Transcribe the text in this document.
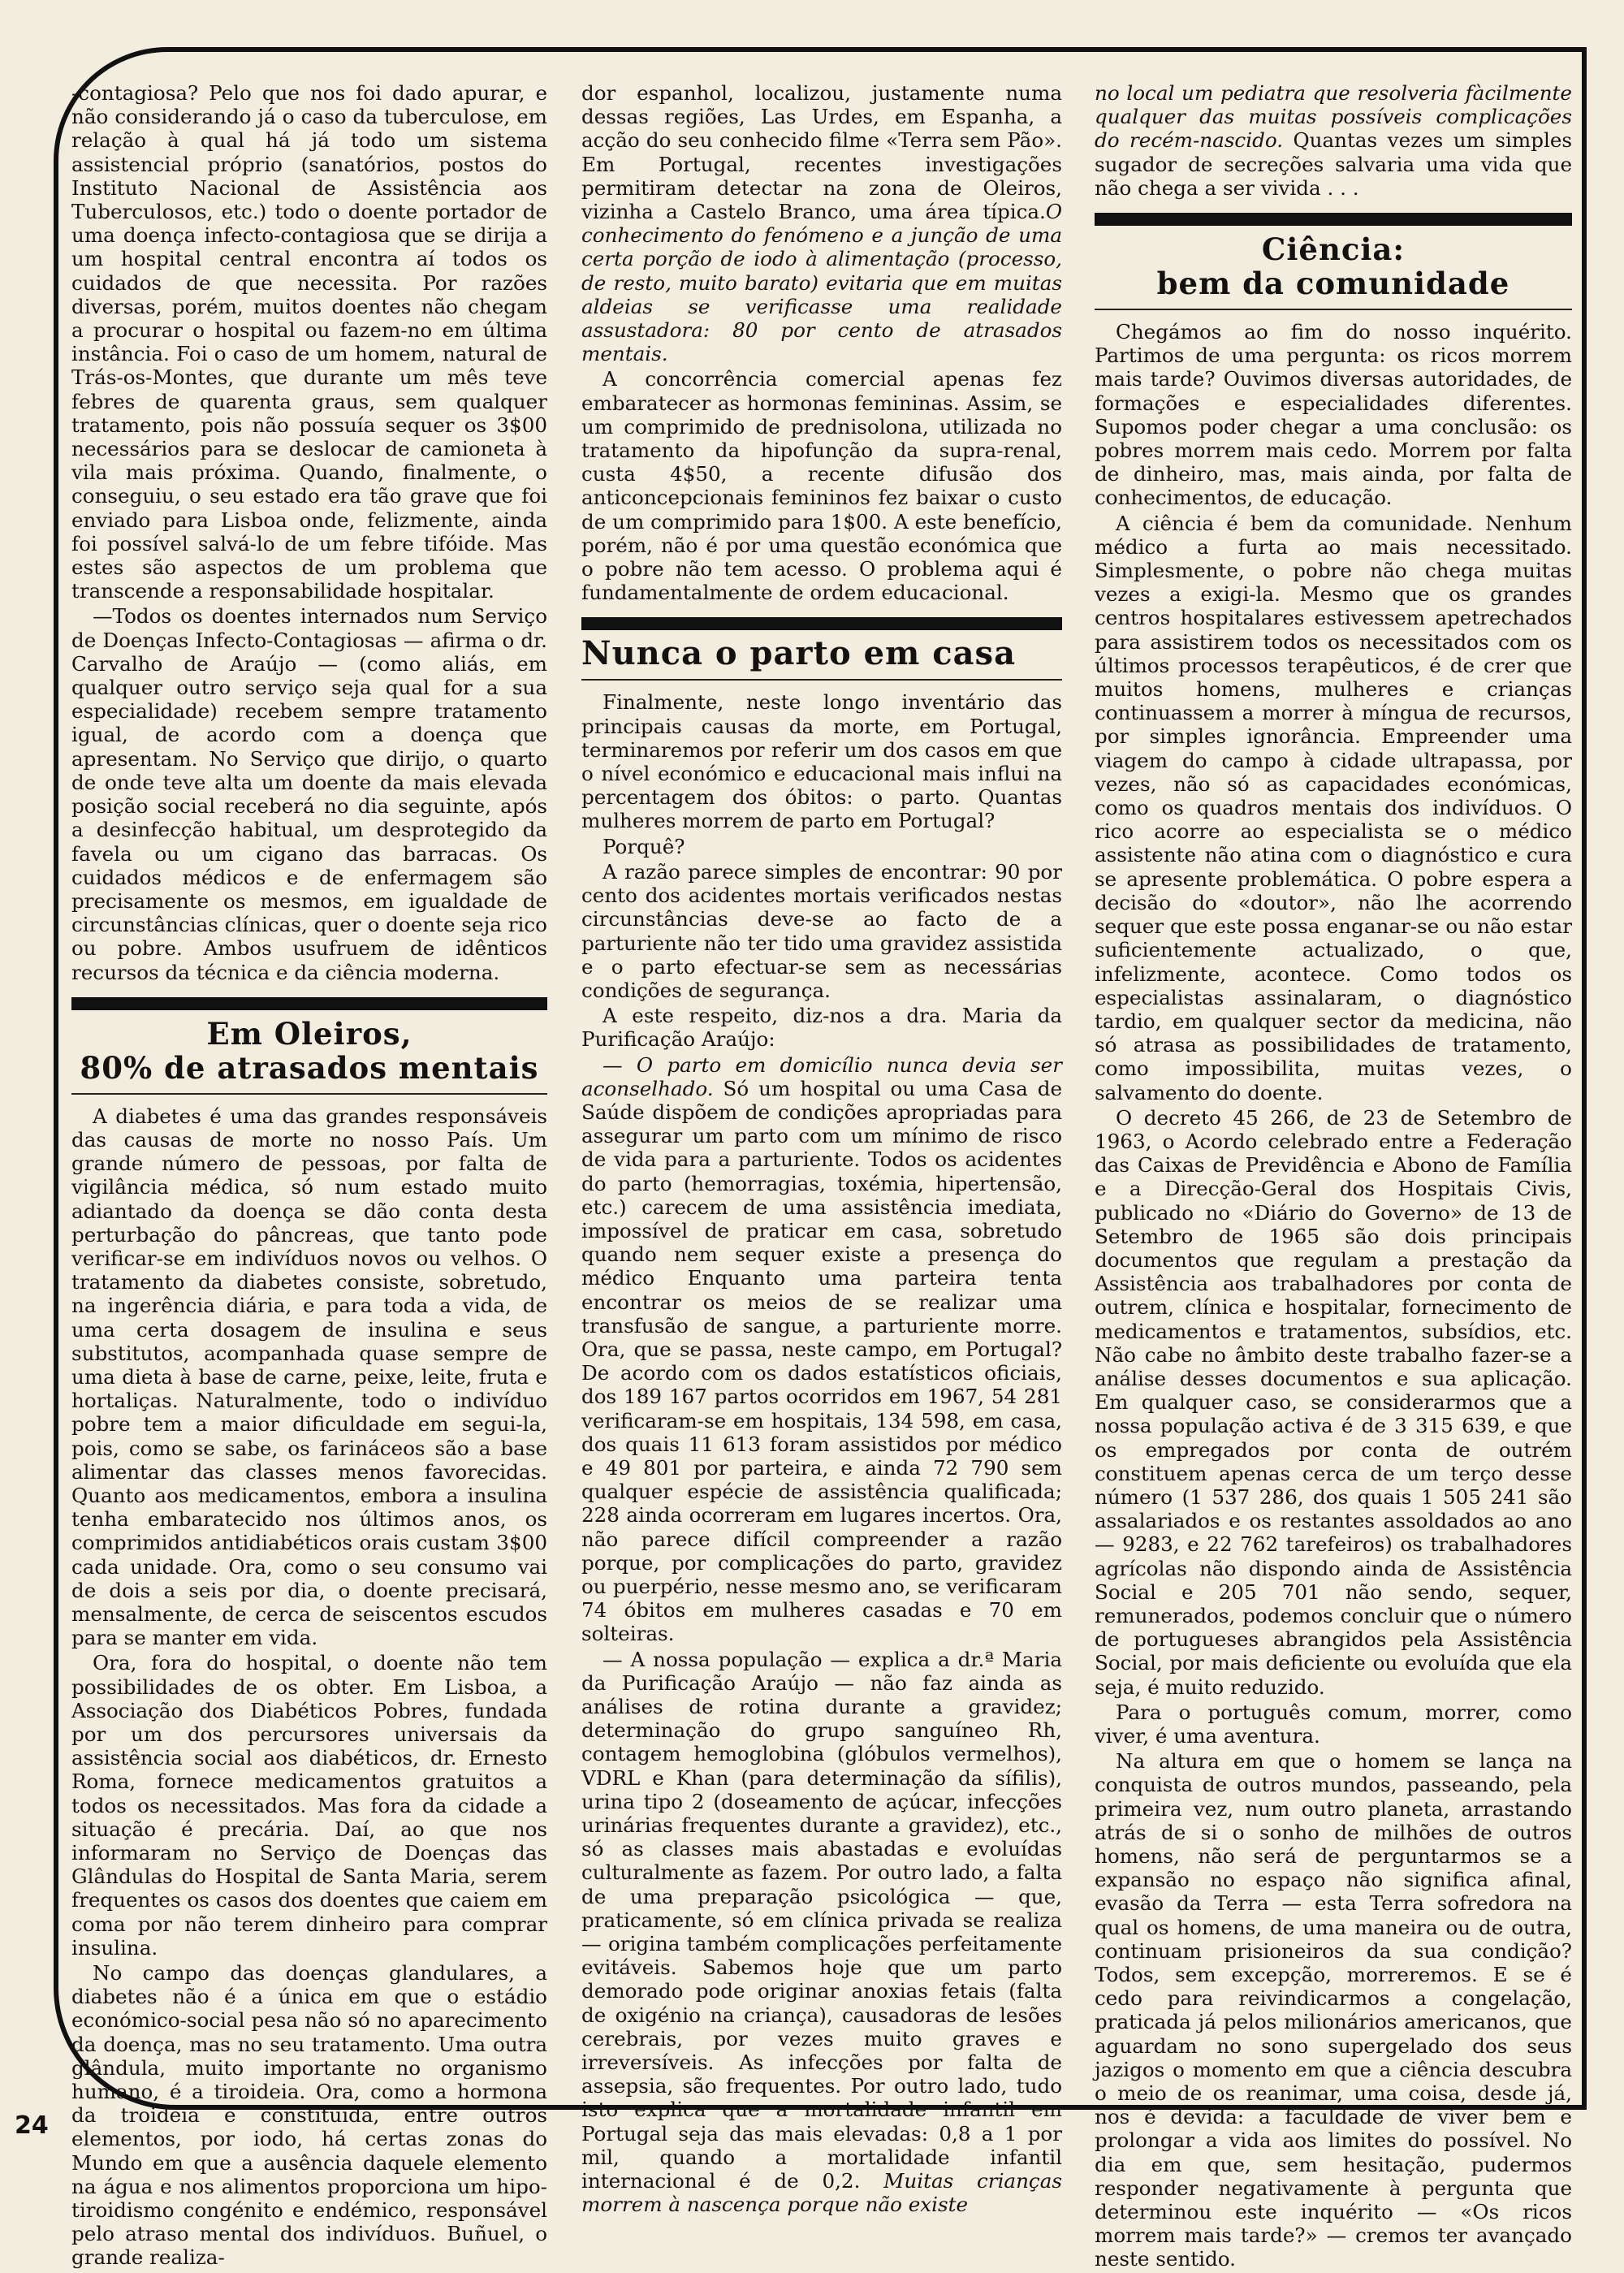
-contagiosa? Pelo que nos foi dado apurar, e não considerando já o caso da tuberculose, em relação à qual há já todo um sistema assistencial próprio (sanatórios, postos do Instituto Nacional de Assistência aos Tuberculosos, etc.) todo o doente portador de uma doença infecto-contagiosa que se dirija a um hospital central encontra aí todos os cuidados de que necessita. Por razões diversas, porém, muitos doentes não chegam a procurar o hospital ou fazem-no em última instância. Foi o caso de um homem, natural de Trás-os-Montes, que durante um mês teve febres de quarenta graus, sem qualquer tratamento, pois não possuía sequer os 3$00 necessários para se deslocar de camioneta à vila mais próxima. Quando, finalmente, o conseguiu, o seu estado era tão grave que foi enviado para Lisboa onde, felizmente, ainda foi possível salvá-lo de um febre tifóide. Mas estes são aspectos de um problema que transcende a responsabilidade hospitalar.

—Todos os doentes internados num Serviço de Doenças Infecto-Contagiosas — afirma o dr. Carvalho de Araújo — (como aliás, em qualquer outro serviço seja qual for a sua especialidade) recebem sempre tratamento igual, de acordo com a doença que apresentam. No Serviço que dirijo, o quarto de onde teve alta um doente da mais elevada posição social receberá no dia seguinte, após a desinfecção habitual, um desprotegido da favela ou um cigano das barracas. Os cuidados médicos e de enfermagem são precisamente os mesmos, em igualdade de circunstâncias clínicas, quer o doente seja rico ou pobre. Ambos usufruem de idênticos recursos da técnica e da ciência moderna.

Em Oleiros,
80% de atrasados mentais

A diabetes é uma das grandes responsáveis das causas de morte no nosso País. Um grande número de pessoas, por falta de vigilância médica, só num estado muito adiantado da doença se dão conta desta perturbação do pâncreas, que tanto pode verificar-se em indivíduos novos ou velhos. O tratamento da diabetes consiste, sobretudo, na ingerência diária, e para toda a vida, de uma certa dosagem de insulina e seus substitutos, acompanhada quase sempre de uma dieta à base de carne, peixe, leite, fruta e hortaliças. Naturalmente, todo o indivíduo pobre tem a maior dificuldade em segui-la, pois, como se sabe, os farináceos são a base alimentar das classes menos favorecidas. Quanto aos medicamentos, embora a insulina tenha embaratecido nos últimos anos, os comprimidos antidiabéticos orais custam 3$00 cada unidade. Ora, como o seu consumo vai de dois a seis por dia, o doente precisará, mensalmente, de cerca de seiscentos escudos para se manter em vida.

Ora, fora do hospital, o doente não tem possibilidades de os obter. Em Lisboa, a Associação dos Diabéticos Pobres, fundada por um dos percursores universais da assistência social aos diabéticos, dr. Ernesto Roma, fornece medicamentos gratuitos a todos os necessitados. Mas fora da cidade a situação é precária. Daí, ao que nos informaram no Serviço de Doenças das Glândulas do Hospital de Santa Maria, serem frequentes os casos dos doentes que caiem em coma por não terem dinheiro para comprar insulina.

No campo das doenças glandulares, a diabetes não é a única em que o estádio económico-social pesa não só no aparecimento da doença, mas no seu tratamento. Uma outra glândula, muito importante no organismo humano, é a tiroideia. Ora, como a hormona da troideia é constituída, entre outros elementos, por iodo, há certas zonas do Mundo em que a ausência daquele elemento na água e nos alimentos proporciona um hipo-tiroidismo congénito e endémico, responsável pelo atraso mental dos indivíduos. Buñuel, o grande realiza-

dor espanhol, localizou, justamente numa dessas regiões, Las Urdes, em Espanha, a acção do seu conhecido filme «Terra sem Pão». Em Portugal, recentes investigações permitiram detectar na zona de Oleiros, vizinha a Castelo Branco, uma área típica.O conhecimento do fenómeno e a junção de uma certa porção de iodo à alimentação (processo, de resto, muito barato) evitaria que em muitas aldeias se verificasse uma realidade assustadora: 80 por cento de atrasados mentais.

A concorrência comercial apenas fez embaratecer as hormonas femininas. Assim, se um comprimido de prednisolona, utilizada no tratamento da hipofunção da supra-renal, custa 4$50, a recente difusão dos anticoncepcionais femininos fez baixar o custo de um comprimido para 1$00. A este benefício, porém, não é por uma questão económica que o pobre não tem acesso. O problema aqui é fundamentalmente de ordem educacional.

Nunca o parto em casa

Finalmente, neste longo inventário das principais causas da morte, em Portugal, terminaremos por referir um dos casos em que o nível económico e educacional mais influi na percentagem dos óbitos: o parto. Quantas mulheres morrem de parto em Portugal?

Porquê?

A razão parece simples de encontrar: 90 por cento dos acidentes mortais verificados nestas circunstâncias deve-se ao facto de a parturiente não ter tido uma gravidez assistida e o parto efectuar-se sem as necessárias condições de segurança.

A este respeito, diz-nos a dra. Maria da Purificação Araújo:

— O parto em domicílio nunca devia ser aconselhado. Só um hospital ou uma Casa de Saúde dispõem de condições apropriadas para assegurar um parto com um mínimo de risco de vida para a parturiente. Todos os acidentes do parto (hemorragias, toxémia, hipertensão, etc.) carecem de uma assistência imediata, impossível de praticar em casa, sobretudo quando nem sequer existe a presença do médico Enquanto uma parteira tenta encontrar os meios de se realizar uma transfusão de sangue, a parturiente morre. Ora, que se passa, neste campo, em Portugal? De acordo com os dados estatísticos oficiais, dos 189 167 partos ocorridos em 1967, 54 281 verificaram-se em hospitais, 134 598, em casa, dos quais 11 613 foram assistidos por médico e 49 801 por parteira, e ainda 72 790 sem qualquer espécie de assistência qualificada; 228 ainda ocorreram em lugares incertos. Ora, não parece difícil compreender a razão porque, por complicações do parto, gravidez ou puerpério, nesse mesmo ano, se verificaram 74 óbitos em mulheres casadas e 70 em solteiras.

— A nossa população — explica a dr.ª Maria da Purificação Araújo — não faz ainda as análises de rotina durante a gravidez; determinação do grupo sanguíneo Rh, contagem hemoglobina (glóbulos vermelhos), VDRL e Khan (para determinação da sífilis), urina tipo 2 (doseamento de açúcar, infecções urinárias frequentes durante a gravidez), etc., só as classes mais abastadas e evoluídas culturalmente as fazem. Por outro lado, a falta de uma preparação psicológica — que, praticamente, só em clínica privada se realiza — origina também complicações perfeitamente evitáveis. Sabemos hoje que um parto demorado pode originar anoxias fetais (falta de oxigénio na criança), causadoras de lesões cerebrais, por vezes muito graves e irreversíveis. As infecções por falta de assepsia, são frequentes. Por outro lado, tudo isto explica que a mortalidade infantil em Portugal seja das mais elevadas: 0,8 a 1 por mil, quando a mortalidade infantil internacional é de 0,2. Muitas crianças morrem à nascença porque não existe

no local um pediatra que resolveria fàcilmente qualquer das muitas possíveis complicações do recém-nascido. Quantas vezes um simples sugador de secreções salvaria uma vida que não chega a ser vivida . . .

Ciência:
bem da comunidade

Chegámos ao fim do nosso inquérito. Partimos de uma pergunta: os ricos morrem mais tarde? Ouvimos diversas autoridades, de formações e especialidades diferentes. Supomos poder chegar a uma conclusão: os pobres morrem mais cedo. Morrem por falta de dinheiro, mas, mais ainda, por falta de conhecimentos, de educação.

A ciência é bem da comunidade. Nenhum médico a furta ao mais necessitado. Simplesmente, o pobre não chega muitas vezes a exigi-la. Mesmo que os grandes centros hospitalares estivessem apetrechados para assistirem todos os necessitados com os últimos processos terapêuticos, é de crer que muitos homens, mulheres e crianças continuassem a morrer à míngua de recursos, por simples ignorância. Empreender uma viagem do campo à cidade ultrapassa, por vezes, não só as capacidades económicas, como os quadros mentais dos indivíduos. O rico acorre ao especialista se o médico assistente não atina com o diagnóstico e cura se apresente problemática. O pobre espera a decisão do «doutor», não lhe acorrendo sequer que este possa enganar-se ou não estar suficientemente actualizado, o que, infelizmente, acontece. Como todos os especialistas assinalaram, o diagnóstico tardio, em qualquer sector da medicina, não só atrasa as possibilidades de tratamento, como impossibilita, muitas vezes, o salvamento do doente.

O decreto 45 266, de 23 de Setembro de 1963, o Acordo celebrado entre a Federação das Caixas de Previdência e Abono de Família e a Direcção-Geral dos Hospitais Civis, publicado no «Diário do Governo» de 13 de Setembro de 1965 são dois principais documentos que regulam a prestação da Assistência aos trabalhadores por conta de outrem, clínica e hospitalar, fornecimento de medicamentos e tratamentos, subsídios, etc. Não cabe no âmbito deste trabalho fazer-se a análise desses documentos e sua aplicação. Em qualquer caso, se considerarmos que a nossa população activa é de 3 315 639, e que os empregados por conta de outrém constituem apenas cerca de um terço desse número (1 537 286, dos quais 1 505 241 são assalariados e os restantes assoldados ao ano — 9283, e 22 762 tarefeiros) os trabalhadores agrícolas não dispondo ainda de Assistência Social e 205 701 não sendo, sequer, remunerados, podemos concluir que o número de portugueses abrangidos pela Assistência Social, por mais deficiente ou evoluída que ela seja, é muito reduzido.

Para o português comum, morrer, como viver, é uma aventura.

Na altura em que o homem se lança na conquista de outros mundos, passeando, pela primeira vez, num outro planeta, arrastando atrás de si o sonho de milhões de outros homens, não será de perguntarmos se a expansão no espaço não significa afinal, evasão da Terra — esta Terra sofredora na qual os homens, de uma maneira ou de outra, continuam prisioneiros da sua condição? Todos, sem excepção, morreremos. E se é cedo para reivindicarmos a congelação, praticada já pelos milionários americanos, que aguardam no sono supergelado dos seus jazigos o momento em que a ciência descubra o meio de os reanimar, uma coisa, desde já, nos é devida: a faculdade de viver bem e prolongar a vida aos limites do possível. No dia em que, sem hesitação, pudermos responder negativamente à pergunta que determinou este inquérito — «Os ricos morrem mais tarde?» — cremos ter avançado neste sentido.

24
